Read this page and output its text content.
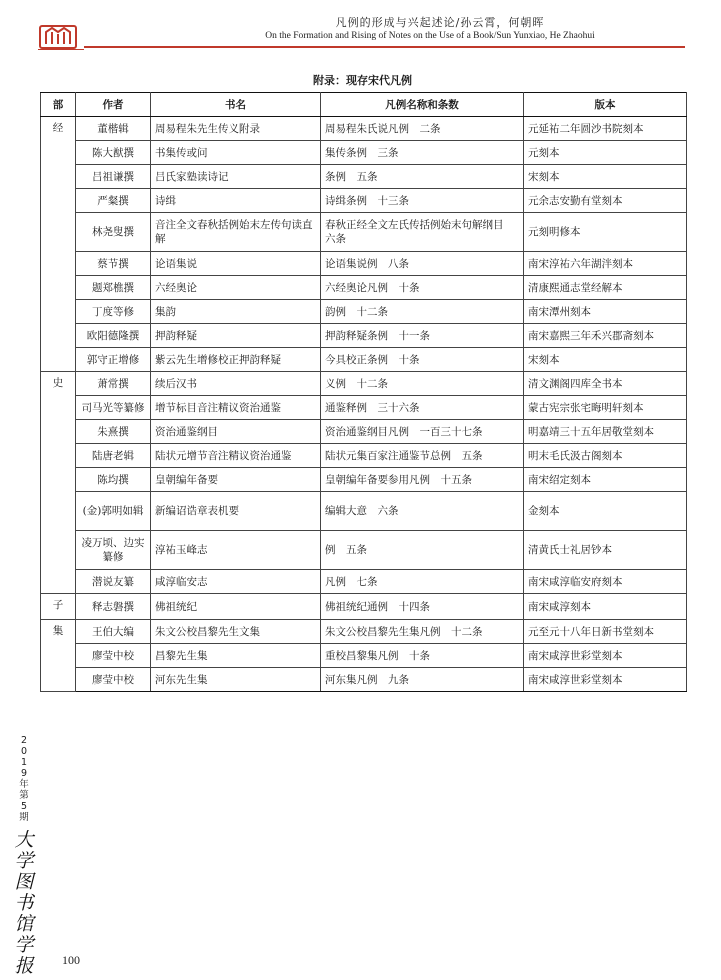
凡例的形成与兴起述论/孙云霄，何朝晖
On the Formation and Rising of Notes on the Use of a Book/Sun Yunxiao, He Zhaohui
附录：现存宋代凡例
部	作者	书名	凡例名称和条数	版本
经	董楷辑	周易程朱先生传义附录	周易程朱氏说凡例　二条	元延祐二年圆沙书院刻本
	陈大猷撰	书集传或问	集传条例　三条	元刻本
	吕祖谦撰	吕氏家塾读诗记	条例　五条	宋刻本
	严粲撰	诗缉	诗缉条例　十三条	元余志安勤有堂刻本
	林尧叟撰	音注全文春秋括例始末左传句读直解	春秋正经全文左氏传括例始末句解纲目　六条	元刻明修本
	蔡节撰	论语集说	论语集说例　八条	南宋淳祐六年湖泮刻本
	题郑樵撰	六经奥论	六经奥论凡例　十条	清康熙通志堂经解本
	丁度等修	集韵	韵例　十二条	南宋潭州刻本
	欧阳德隆撰	押韵释疑	押韵释疑条例　十一条	南宋嘉熙三年禾兴郡斋刻本
	郭守正增修	紫云先生增修校正押韵释疑	今具校正条例　十条	宋刻本
史	萧常撰	续后汉书	义例　十二条	清文渊阁四库全书本
	司马光等纂修	增节标目音注精议资治通鉴	通鉴释例　三十六条	蒙古宪宗张宅晦明轩刻本
	朱熹撰	资治通鉴纲目	资治通鉴纲目凡例　一百三十七条	明嘉靖三十五年居敬堂刻本
	陆唐老辑	陆状元增节音注精议资治通鉴	陆状元集百家注通鉴节总例　五条	明末毛氏汲古阁刻本
	陈均撰	皇朝编年备要	皇朝编年备要参用凡例　十五条	南宋绍定刻本
	(金)郭明如辑	新编诏诰章表机要	编辑大意　六条	金刻本
	凌万顷、边实纂修	淳祐玉峰志	例　五条	清黄氏士礼居钞本
	潜说友纂	咸淳临安志	凡例　七条	南宋咸淳临安府刻本
子	释志磐撰	佛祖统纪	佛祖统纪通例　十四条	南宋咸淳刻本
集	王伯大编	朱文公校昌黎先生文集	朱文公校昌黎先生集凡例　十二条	元至元十八年日新书堂刻本
	廖莹中校	昌黎先生集	重校昌黎集凡例　十条	南宋咸淳世彩堂刻本
	廖莹中校	河东先生集	河东集凡例　九条	南宋咸淳世彩堂刻本
2019年第5期
大学图书馆学报 100
